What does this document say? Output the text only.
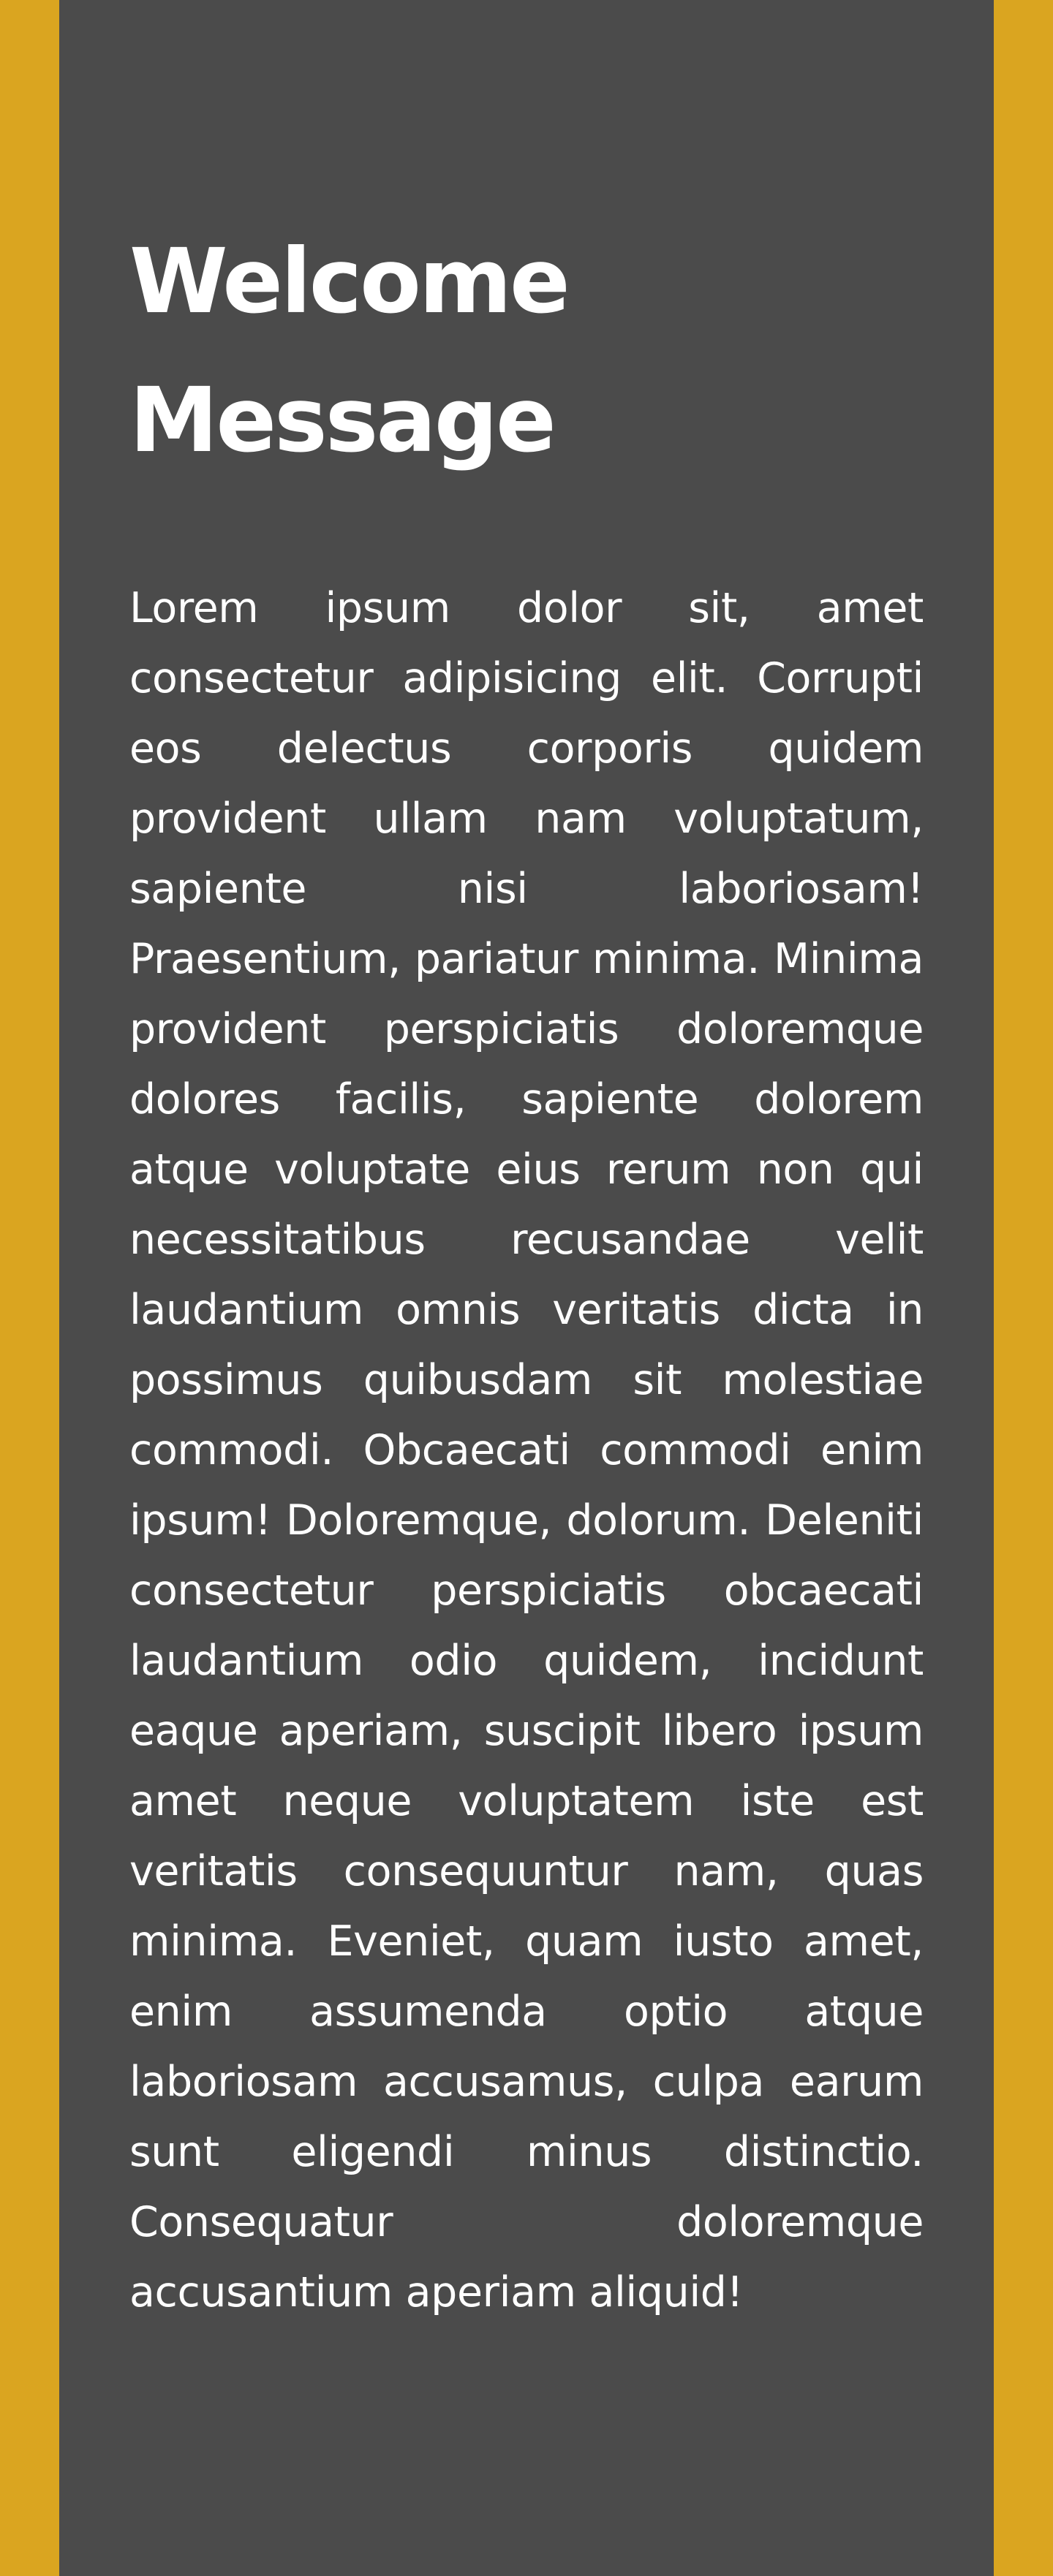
Welcome Message

Lorem ipsum dolor sit, amet consectetur adipisicing elit. Corrupti eos delectus corporis quidem provident ullam nam voluptatum, sapiente nisi laboriosam! Praesentium, pariatur minima. Minima provident perspiciatis doloremque dolores facilis, sapiente dolorem atque voluptate eius rerum non qui necessitatibus recusandae velit laudantium omnis veritatis dicta in possimus quibusdam sit molestiae commodi. Obcaecati commodi enim ipsum! Doloremque, dolorum. Deleniti consectetur perspiciatis obcaecati laudantium odio quidem, incidunt eaque aperiam, suscipit libero ipsum amet neque voluptatem iste est veritatis consequuntur nam, quas minima. Eveniet, quam iusto amet, enim assumenda optio atque laboriosam accusamus, culpa earum sunt eligendi minus distinctio. Consequatur doloremque accusantium aperiam aliquid!
